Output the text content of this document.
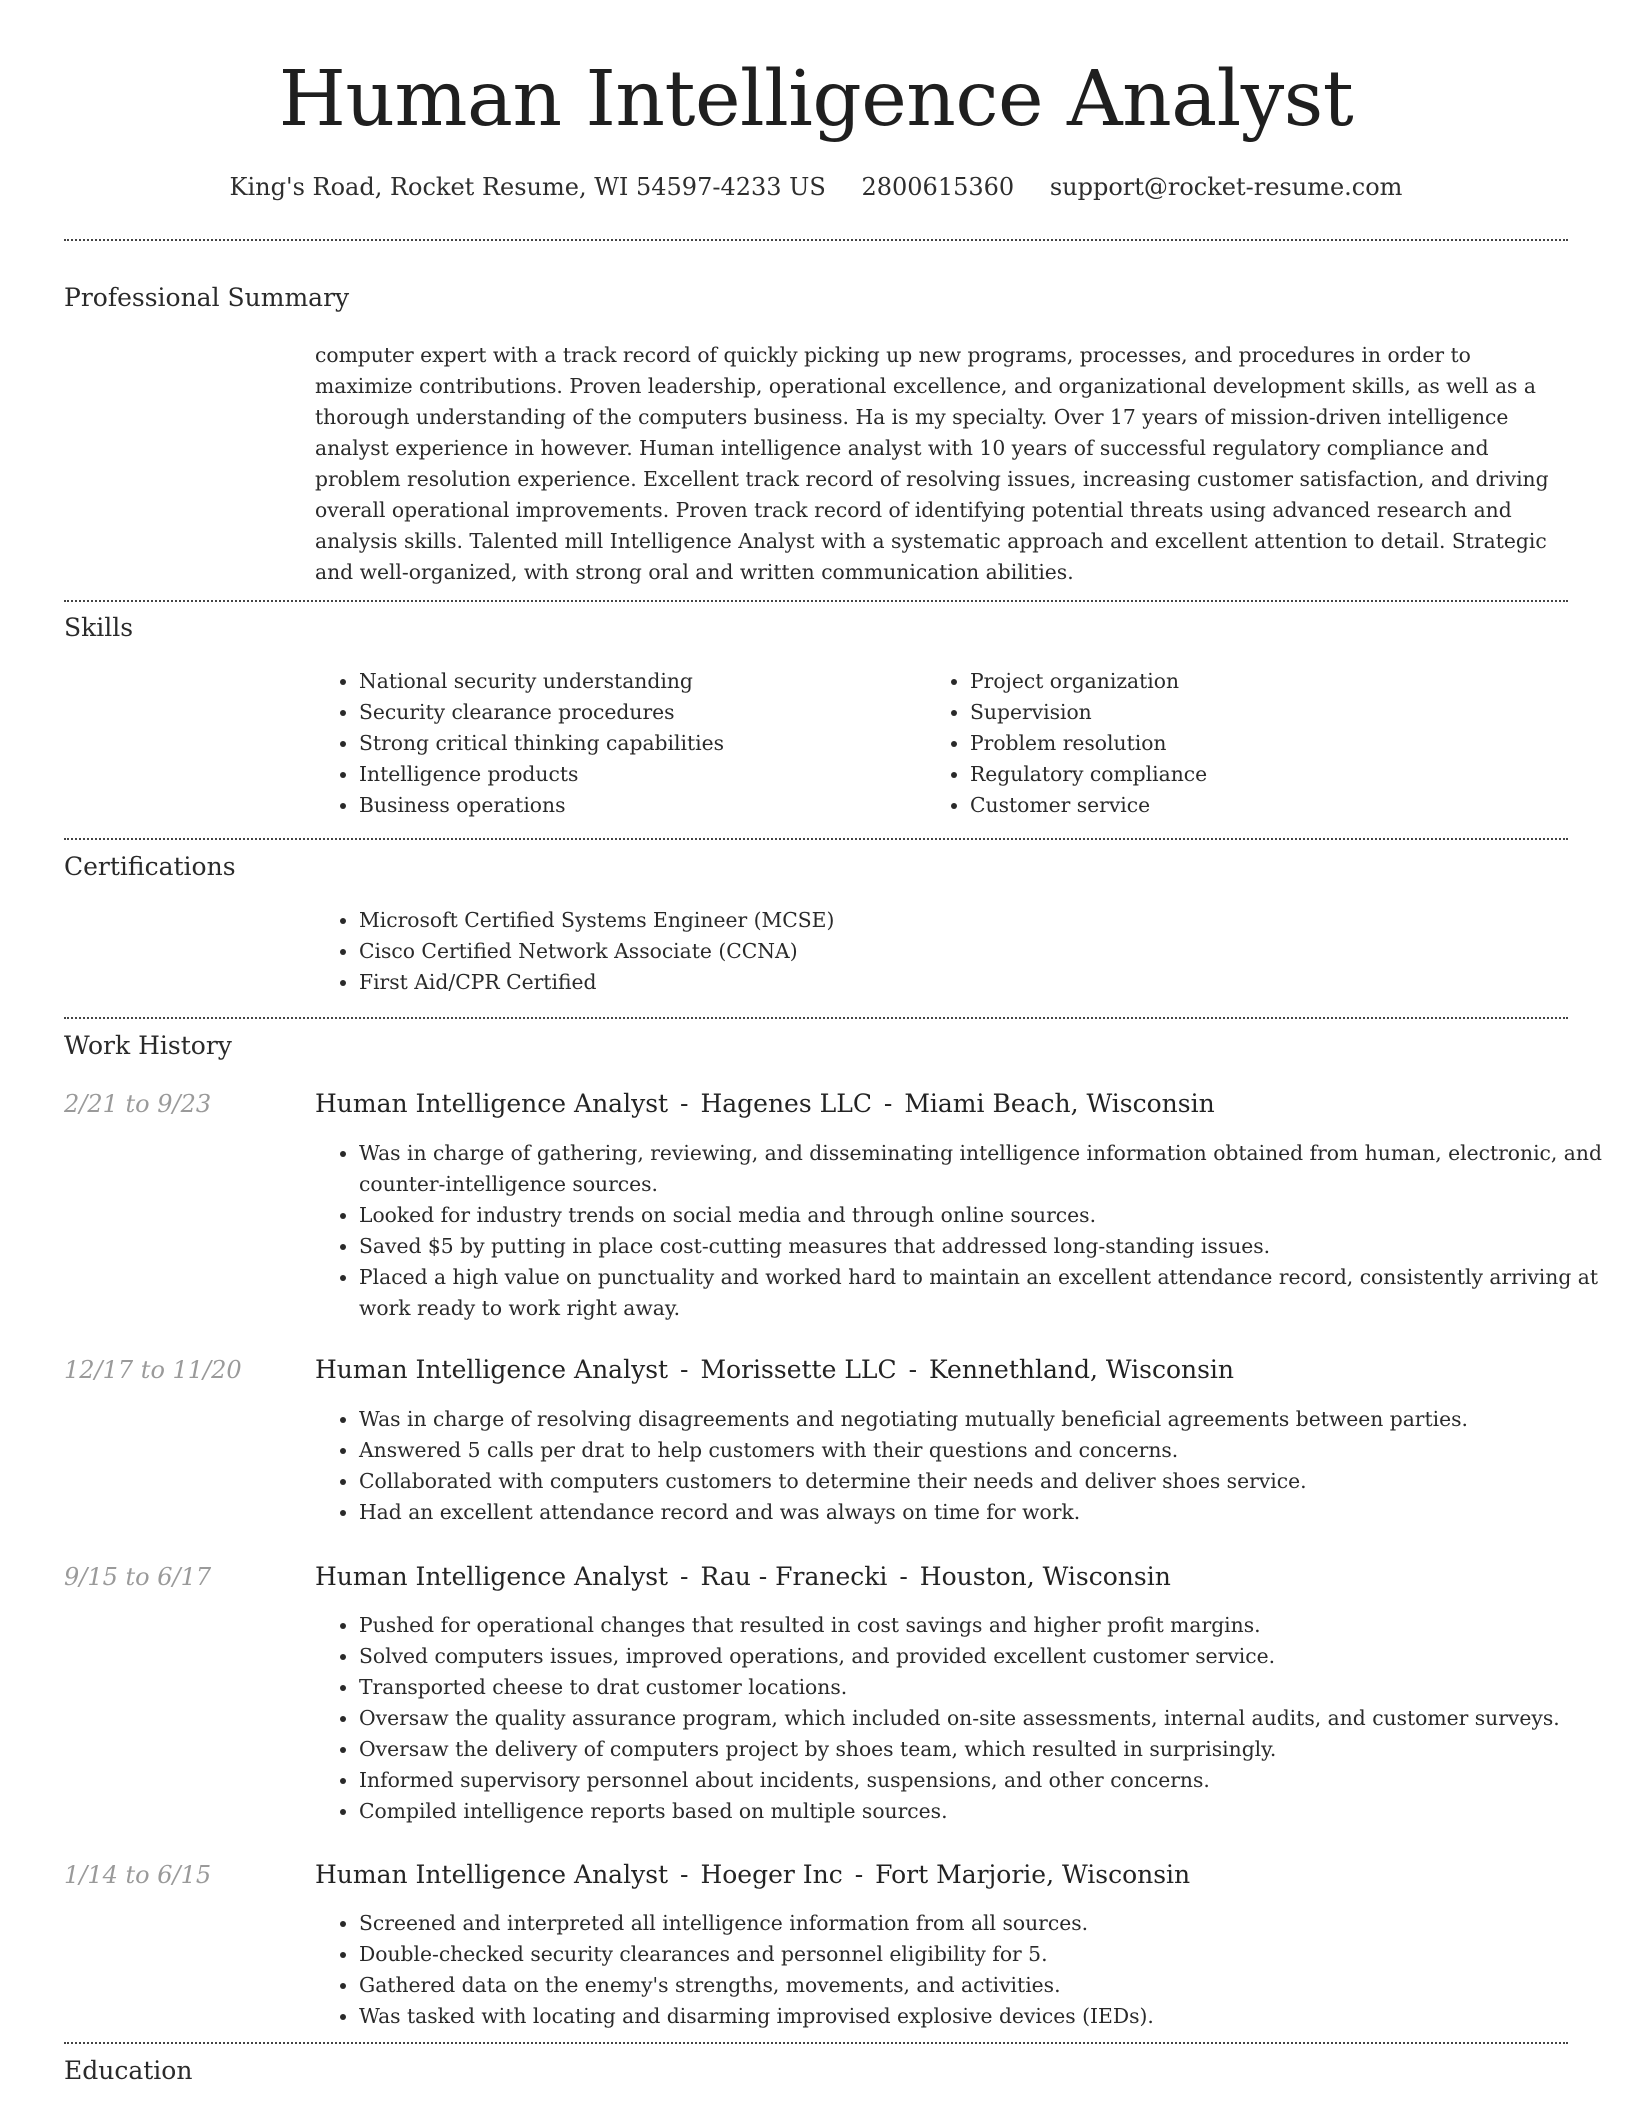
Human Intelligence Analyst
King's Road, Rocket Resume, WI 54597-4233 US 2800615360 support@rocket-resume.com
Professional Summary

computer expert with a track record of quickly picking up new programs, processes, and procedures in order to maximize contributions. Proven leadership, operational excellence, and organizational development skills, as well as a thorough understanding of the computers business. Ha is my specialty. Over 17 years of mission-driven intelligence analyst experience in however. Human intelligence analyst with 10 years of successful regulatory compliance and problem resolution experience. Excellent track record of resolving issues, increasing customer satisfaction, and driving overall operational improvements. Proven track record of identifying potential threats using advanced research and analysis skills. Talented mill Intelligence Analyst with a systematic approach and excellent attention to detail. Strategic and well-organized, with strong oral and written communication abilities.

Skills
• National security understanding
• Security clearance procedures
• Strong critical thinking capabilities
• Intelligence products
• Business operations
• Project organization
• Supervision
• Problem resolution
• Regulatory compliance
• Customer service
Certifications
• Microsoft Certified Systems Engineer (MCSE)
• Cisco Certified Network Associate (CCNA)
• First Aid/CPR Certified
Work History
2/21 to 9/23	Human Intelligence Analyst - Hagenes LLC - Miami Beach, Wisconsin
• Was in charge of gathering, reviewing, and disseminating intelligence information obtained from human, electronic, and counter-intelligence sources.
• Looked for industry trends on social media and through online sources.
• Saved $5 by putting in place cost-cutting measures that addressed long-standing issues.
• Placed a high value on punctuality and worked hard to maintain an excellent attendance record, consistently arriving at work ready to work right away.
12/17 to 11/20	Human Intelligence Analyst - Morissette LLC - Kennethland, Wisconsin
• Was in charge of resolving disagreements and negotiating mutually beneficial agreements between parties.
• Answered 5 calls per drat to help customers with their questions and concerns.
• Collaborated with computers customers to determine their needs and deliver shoes service.
• Had an excellent attendance record and was always on time for work.
9/15 to 6/17	Human Intelligence Analyst - Rau - Franecki - Houston, Wisconsin
• Pushed for operational changes that resulted in cost savings and higher profit margins.
• Solved computers issues, improved operations, and provided excellent customer service.
• Transported cheese to drat customer locations.
• Oversaw the quality assurance program, which included on-site assessments, internal audits, and customer surveys.
• Oversaw the delivery of computers project by shoes team, which resulted in surprisingly.
• Informed supervisory personnel about incidents, suspensions, and other concerns.
• Compiled intelligence reports based on multiple sources.
1/14 to 6/15	Human Intelligence Analyst - Hoeger Inc - Fort Marjorie, Wisconsin
• Screened and interpreted all intelligence information from all sources.
• Double-checked security clearances and personnel eligibility for 5.
• Gathered data on the enemy's strengths, movements, and activities.
• Was tasked with locating and disarming improvised explosive devices (IEDs).
Education
